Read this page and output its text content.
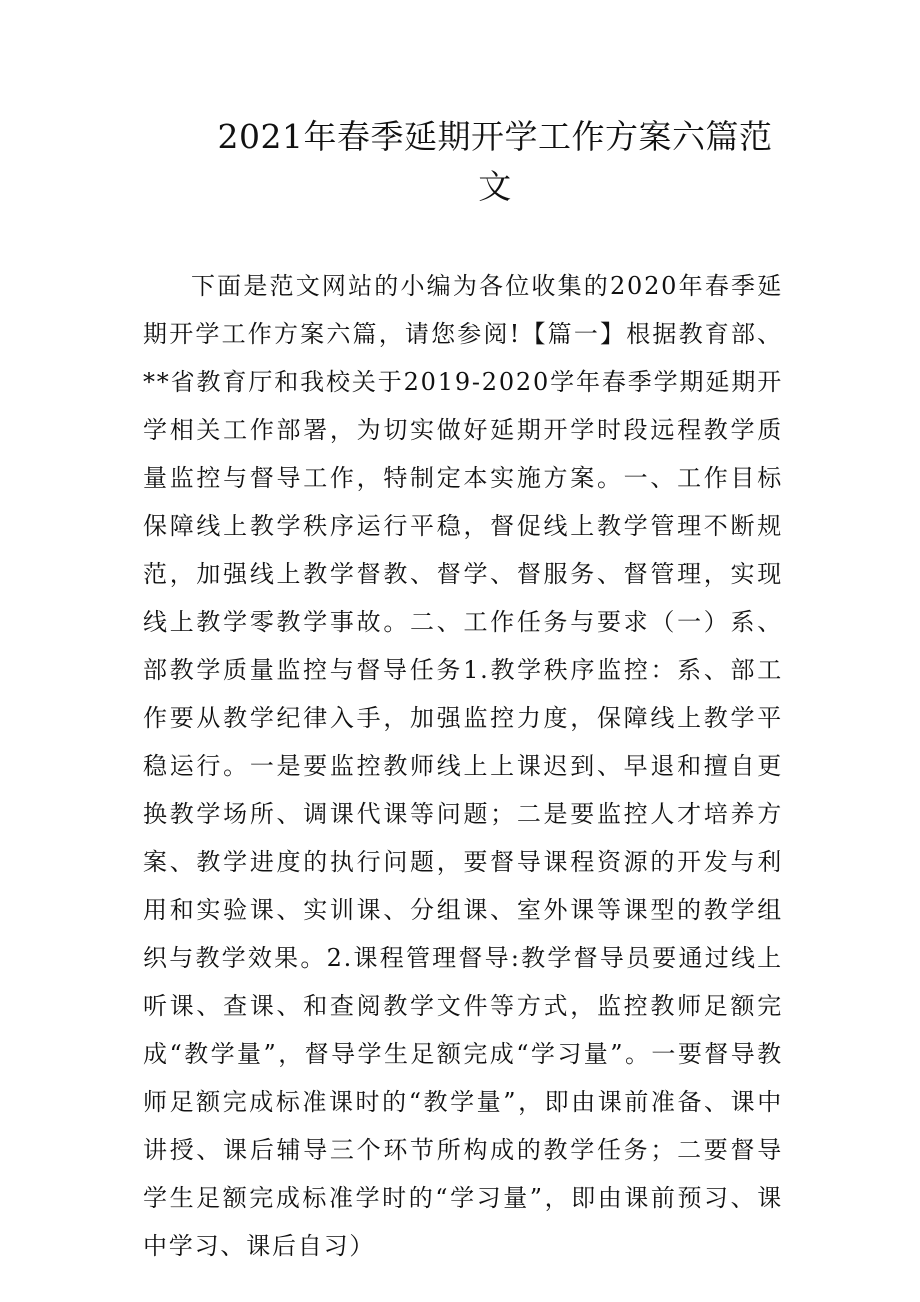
2021年春季延期开学工作方案六篇范文

下面是范文网站的小编为各位收集的2020年春季延期开学工作方案六篇，请您参阅!【篇一】根据教育部、**省教育厅和我校关于2019-2020学年春季学期延期开学相关工作部署，为切实做好延期开学时段远程教学质量监控与督导工作，特制定本实施方案。一、工作目标保障线上教学秩序运行平稳，督促线上教学管理不断规范，加强线上教学督教、督学、督服务、督管理，实现线上教学零教学事故。二、工作任务与要求（一）系、部教学质量监控与督导任务1.教学秩序监控：系、部工作要从教学纪律入手，加强监控力度，保障线上教学平稳运行。一是要监控教师线上上课迟到、早退和擅自更换教学场所、调课代课等问题；二是要监控人才培养方案、教学进度的执行问题，要督导课程资源的开发与利用和实验课、实训课、分组课、室外课等课型的教学组织与教学效果。2.课程管理督导:教学督导员要通过线上听课、查课、和查阅教学文件等方式，监控教师足额完成“教学量”，督导学生足额完成“学习量”。一要督导教师足额完成标准课时的“教学量”，即由课前准备、课中讲授、课后辅导三个环节所构成的教学任务；二要督导学生足额完成标准学时的“学习量”，即由课前预习、课中学习、课后自习）
